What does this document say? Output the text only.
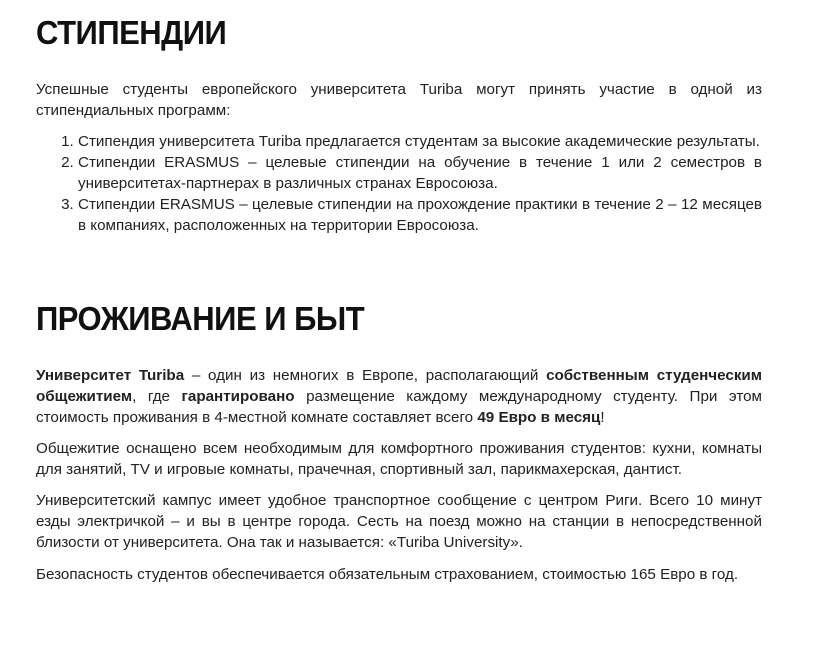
СТИПЕНДИИ

Успешные студенты европейского университета Turiba могут принять участие в одной из стипендиальных программ:

1. Стипендия университета Turiba предлагается студентам за высокие академические результаты.
2. Стипендии ERASMUS – целевые стипендии на обучение в течение 1 или 2 семестров в университетах-партнерах в различных странах Евросоюза.
3. Стипендии ERASMUS – целевые стипендии на прохождение практики в течение 2 – 12 месяцев в компаниях, расположенных на территории Евросоюза.
ПРОЖИВАНИЕ И БЫТ

Университет Turiba – один из немногих в Европе, располагающий собственным студенческим общежитием, где гарантировано размещение каждому международному студенту. При этом стоимость проживания в 4-местной комнате составляет всего 49 Евро в месяц!

Общежитие оснащено всем необходимым для комфортного проживания студентов: кухни, комнаты для занятий, TV и игровые комнаты, прачечная, спортивный зал, парикмахерская, дантист.

Университетский кампус имеет удобное транспортное сообщение с центром Риги. Всего 10 минут езды электричкой – и вы в центре города. Сесть на поезд можно на станции в непосредственной близости от университета. Она так и называется: «Turiba University».

Безопасность студентов обеспечивается обязательным страхованием, стоимостью 165 Евро в год.
